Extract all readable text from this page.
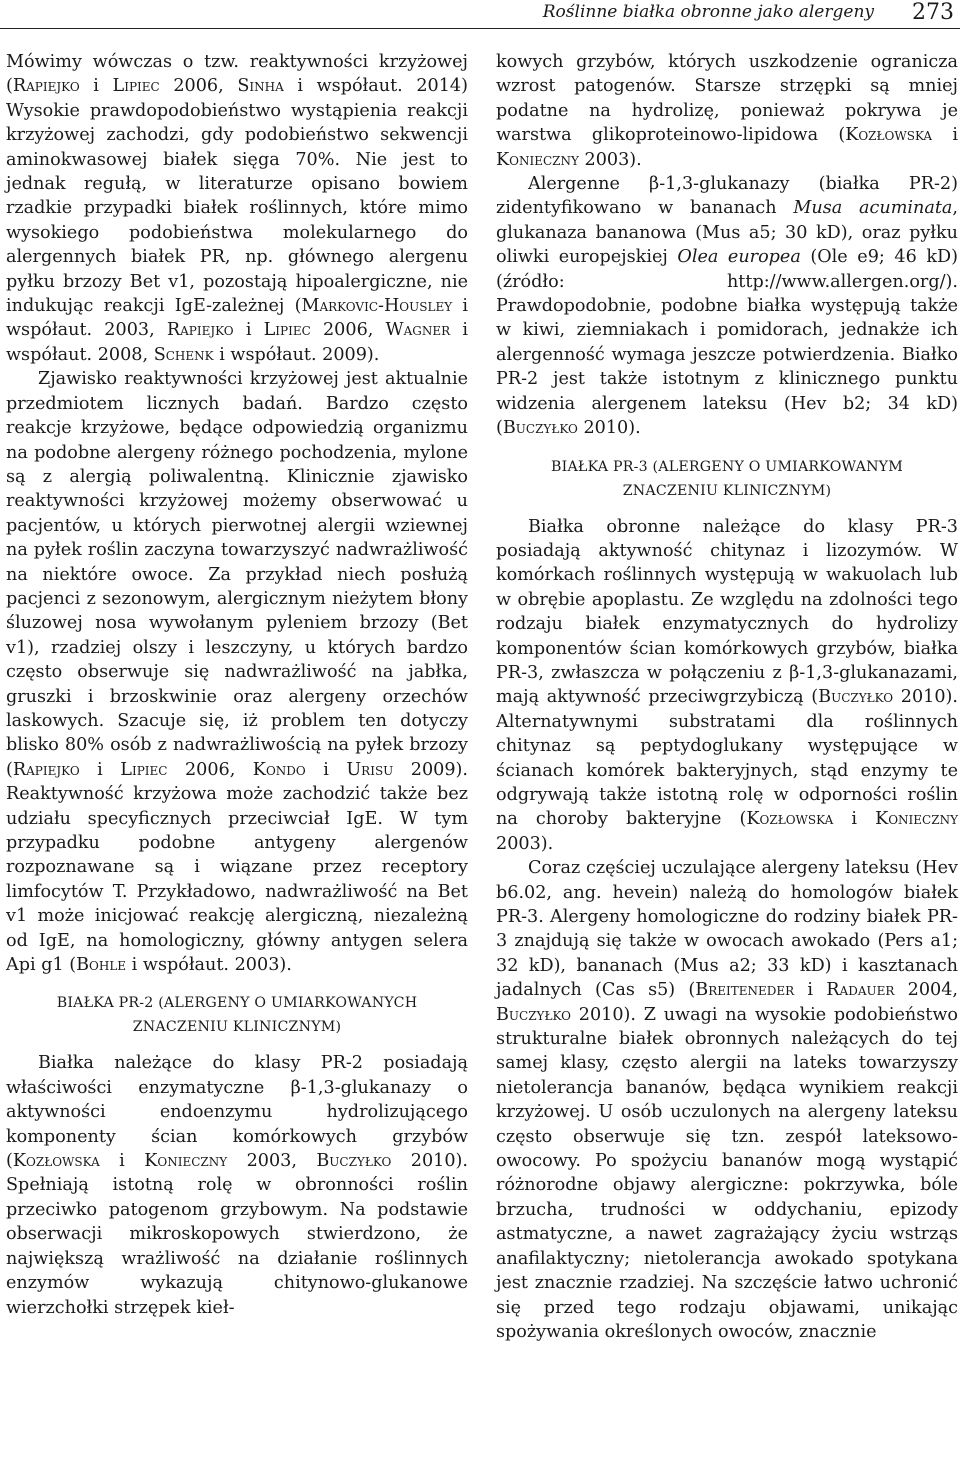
Roślinne białka obronne jako alergeny 273

Mówimy wówczas o tzw. reaktywności krzyżowej (Rapiejko i Lipiec 2006, Sinha i współaut. 2014) Wysokie prawdopodobieństwo wystąpienia reakcji krzyżowej zachodzi, gdy podobieństwo sekwencji aminokwasowej białek sięga 70%. Nie jest to jednak regułą, w literaturze opisano bowiem rzadkie przypadki białek roślinnych, które mimo wysokiego podobieństwa molekularnego do alergennych białek PR, np. głównego alergenu pyłku brzozy Bet v1, pozostają hipoalergiczne, nie indukując reakcji IgE-zależnej (Markovic-Housley i współaut. 2003, Rapiejko i Lipiec 2006, Wagner i współaut. 2008, Schenk i współaut. 2009).

Zjawisko reaktywności krzyżowej jest aktualnie przedmiotem licznych badań. Bardzo często reakcje krzyżowe, będące odpowiedzią organizmu na podobne alergeny różnego pochodzenia, mylone są z alergią poliwalentną. Klinicznie zjawisko reaktywności krzyżowej możemy obserwować u pacjentów, u których pierwotnej alergii wziewnej na pyłek roślin zaczyna towarzyszyć nadwrażliwość na niektóre owoce. Za przykład niech posłużą pacjenci z sezonowym, alergicznym nieżytem błony śluzowej nosa wywołanym pyleniem brzozy (Bet v1), rzadziej olszy i leszczyny, u których bardzo często obserwuje się nadwrażliwość na jabłka, gruszki i brzoskwinie oraz alergeny orzechów laskowych. Szacuje się, iż problem ten dotyczy blisko 80% osób z nadwrażliwością na pyłek brzozy (Rapiejko i Lipiec 2006, Kondo i Urisu 2009). Reaktywność krzyżowa może zachodzić także bez udziału specyficznych przeciwciał IgE. W tym przypadku podobne antygeny alergenów rozpoznawane są i wiązane przez receptory limfocytów T. Przykładowo, nadwrażliwość na Bet v1 może inicjować reakcję alergiczną, niezależną od IgE, na homologiczny, główny antygen selera Api g1 (Bohle i współaut. 2003).

BIAŁKA PR-2 (ALERGENY O UMIARKOWANYCH
ZNACZENIU KLINICZNYM)

Białka należące do klasy PR-2 posiadają właściwości enzymatyczne β-1,3-glukanazy o aktywności endoenzymu hydrolizującego komponenty ścian komórkowych grzybów (Kozłowska i Konieczny 2003, Buczyłko 2010). Spełniają istotną rolę w obronności roślin przeciwko patogenom grzybowym. Na podstawie obserwacji mikroskopowych stwierdzono, że największą wrażliwość na działanie roślinnych enzymów wykazują chitynowo-glukanowe wierzchołki strzępek kieł-

kowych grzybów, których uszkodzenie ogranicza wzrost patogenów. Starsze strzępki są mniej podatne na hydrolizę, ponieważ pokrywa je warstwa glikoproteinowo-lipidowa (Kozłowska i Konieczny 2003).

Alergenne β-1,3-glukanazy (białka PR-2) zidentyfikowano w bananach Musa acuminata, glukanaza bananowa (Mus a5; 30 kD), oraz pyłku oliwki europejskiej Olea europea (Ole e9; 46 kD) (źródło: http://www.allergen.org/). Prawdopodobnie, podobne białka występują także w kiwi, ziemniakach i pomidorach, jednakże ich alergenność wymaga jeszcze potwierdzenia. Białko PR-2 jest także istotnym z klinicznego punktu widzenia alergenem lateksu (Hev b2; 34 kD) (Buczyłko 2010).

BIAŁKA PR-3 (ALERGENY O UMIARKOWANYM
ZNACZENIU KLINICZNYM)

Białka obronne należące do klasy PR-3 posiadają aktywność chitynaz i lizozymów. W komórkach roślinnych występują w wakuolach lub w obrębie apoplastu. Ze względu na zdolności tego rodzaju białek enzymatycznych do hydrolizy komponentów ścian komórkowych grzybów, białka PR-3, zwłaszcza w połączeniu z β-1,3-glukanazami, mają aktywność przeciwgrzybiczą (Buczyłko 2010). Alternatywnymi substratami dla roślinnych chitynaz są peptydoglukany występujące w ścianach komórek bakteryjnych, stąd enzymy te odgrywają także istotną rolę w odporności roślin na choroby bakteryjne (Kozłowska i Konieczny 2003).

Coraz częściej uczulające alergeny lateksu (Hev b6.02, ang. hevein) należą do homologów białek PR-3. Alergeny homologiczne do rodziny białek PR-3 znajdują się także w owocach awokado (Pers a1; 32 kD), bananach (Mus a2; 33 kD) i kasztanach jadalnych (Cas s5) (Breiteneder i Radauer 2004, Buczyłko 2010). Z uwagi na wysokie podobieństwo strukturalne białek obronnych należących do tej samej klasy, często alergii na lateks towarzyszy nietolerancja bananów, będąca wynikiem reakcji krzyżowej. U osób uczulonych na alergeny lateksu często obserwuje się tzn. zespół lateksowo-owocowy. Po spożyciu bananów mogą wystąpić różnorodne objawy alergiczne: pokrzywka, bóle brzucha, trudności w oddychaniu, epizody astmatyczne, a nawet zagrażający życiu wstrząs anafilaktyczny; nietolerancja awokado spotykana jest znacznie rzadziej. Na szczęście łatwo uchronić się przed tego rodzaju objawami, unikając spożywania określonych owoców, znacznie
